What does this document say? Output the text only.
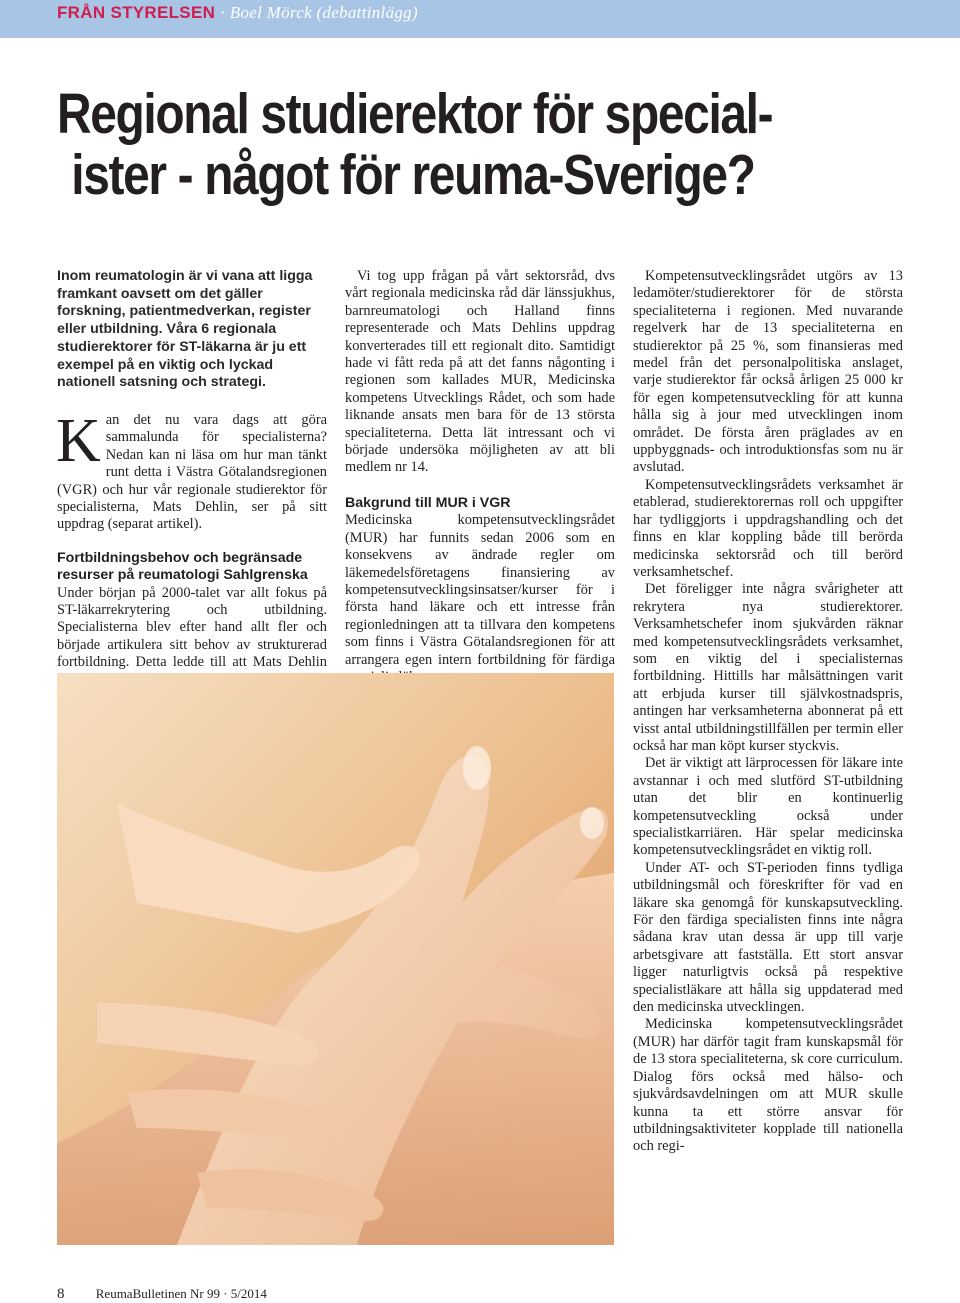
FRÅN STYRELSEN · Boel Mörck (debattinlägg)
Regional studierektor för special-
ister - något för reuma-Sverige?

Inom reumatologin är vi vana att ligga framkant oavsett om det gäller forskning, patientmedverkan, register eller utbildning. Våra 6 regionala studierektorer för ST-läkarna är ju ett exempel på en viktig och lyckad nationell satsning och strategi.

Kan det nu vara dags att göra sammalunda för specialisterna? Nedan kan ni läsa om hur man tänkt runt detta i Västra Götalandsregionen (VGR) och hur vår regionale studierektor för specialisterna, Mats Dehlin, ser på sitt uppdrag (separat artikel).

Fortbildningsbehov och begränsade resurser på reumatologi Sahlgrenska

Under början på 2000-talet var allt fokus på ST-läkarrekrytering och utbildning. Specialisterna blev efter hand allt fler och började artikulera sitt behov av strukturerad fortbildning. Detta ledde till att Mats Dehlin

Vi tog upp frågan på vårt sektorsråd, dvs vårt regionala medicinska råd där länssjukhus, barnreumatologi och Halland finns representerade och Mats Dehlins uppdrag konverterades till ett regionalt dito. Samtidigt hade vi fått reda på att det fanns någonting i regionen som kallades MUR, Medicinska kompetens Utvecklings Rådet, och som hade liknande ansats men bara för de 13 största specialiteterna. Detta lät intressant och vi började undersöka möjligheten av att bli medlem nr 14.

Bakgrund till MUR i VGR

Medicinska kompetensutvecklingsrådet (MUR) har funnits sedan 2006 som en konsekvens av ändrade regler om läkemedelsföretagens finansiering av kompetensutvecklingsinsatser/kurser för i första hand läkare och ett intresse från regionledningen att ta tillvara den kompetens som finns i Västra Götalandsregionen för att arrangera egen intern fortbildning för färdiga

Kompetensutvecklingsrådet utgörs av 13 ledamöter/studierektorer för de största specialiteterna i regionen. Med nuvarande regelverk har de 13 specialiteterna en studierektor på 25 %, som finansieras med medel från det personalpolitiska anslaget, varje studierektor får också årligen 25 000 kr för egen kompetensutveckling för att kunna hålla sig à jour med utvecklingen inom området. De första åren präglades av en uppbyggnads- och introduktionsfas som nu är avslutad.

Kompetensutvecklingsrådets verksamhet är etablerad, studierektorernas roll och uppgifter har tydliggjorts i uppdragshandling och det finns en klar koppling både till berörda medicinska sektorsråd och till berörd verksamhetschef.

Det föreligger inte några svårigheter att rekrytera nya studierektorer. Verksamhetschefer inom sjukvården räknar med kompetensutvecklingsrådets verksamhet, som en viktig del i specialisternas fortbildning. Hittills har målsättningen varit att erbjuda kurser till självkostnadspris, antingen har verksamheterna abonnerat på ett visst antal utbildningstillfällen per termin eller också har man köpt kurser styckvis.

Det är viktigt att lärprocessen för läkare inte avstannar i och med slutförd ST-utbildning utan det blir en kontinuerlig kompetensutveckling också under specialistkarriären. Här spelar medicinska kompetensutvecklingsrådet en viktig roll.

Under AT- och ST-perioden finns tydliga utbildningsmål och föreskrifter för vad en läkare ska genomgå för kunskapsutveckling. För den färdiga specialisten finns inte några sådana krav utan dessa är upp till varje arbetsgivare att fastställa. Ett stort ansvar ligger naturligtvis också på respektive specialistläkare att hålla sig uppdaterad med den medicinska utvecklingen.

Medicinska kompetensutvecklingsrådet (MUR) har därför tagit fram kunskapsmål för de 13 stora specialiteterna, sk core curriculum. Dialog förs också med hälso- och sjukvårdsavdelningen om att MUR skulle kunna ta ett större ansvar för utbildningsaktiviteter kopplade till nationella och regi-

8 ReumaBulletinen Nr 99 · 5/2014
